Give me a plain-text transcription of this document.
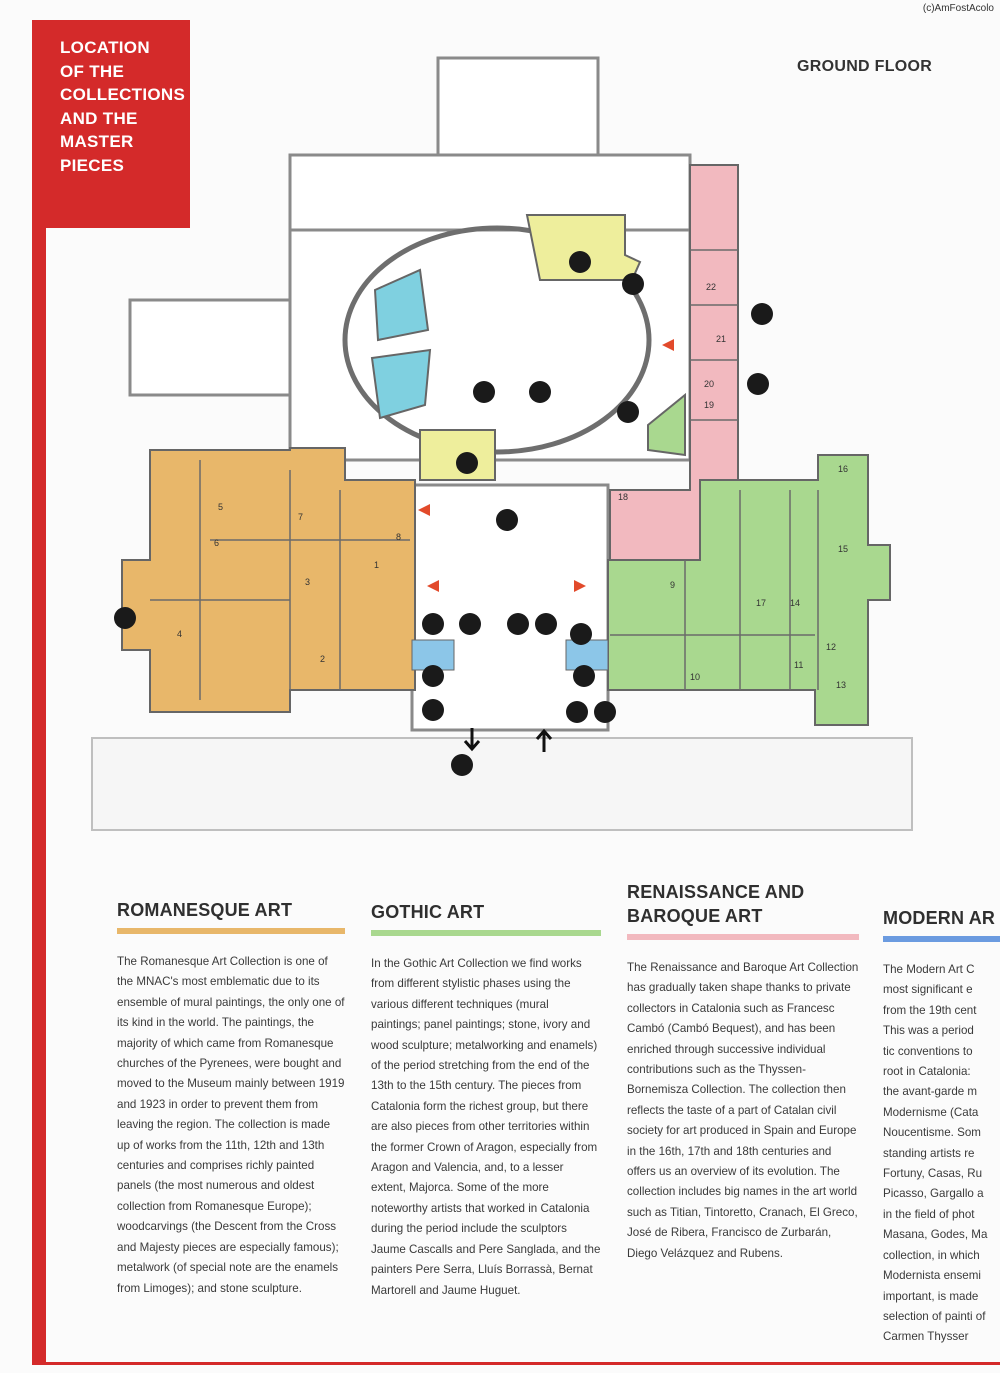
LOCATION
OF THE
COLLECTIONS
AND THE
MASTER
PIECES
(c)AmFostAcolo
GROUND FLOOR
1
2
3
4
5
6
7
8
18
19
20
21
22
9
10
11
12
13
14
15
16
17
ROMANESQUE ART

The Romanesque Art Collection is one of the MNAC's most emblematic due to its ensemble of mural paintings, the only one of its kind in the world. The paintings, the majority of which came from Romanesque churches of the Pyrenees, were bought and moved to the Museum mainly between 1919 and 1923 in order to prevent them from leaving the region. The collection is made up of works from the 11th, 12th and 13th centuries and comprises richly painted panels (the most numerous and oldest collection from Romanesque Europe); woodcarvings (the Descent from the Cross and Majesty pieces are especially famous); metalwork (of special note are the enamels from Limoges); and stone sculpture.

GOTHIC ART

In the Gothic Art Collection we find works from different stylistic phases using the various different techniques (mural paintings; panel paintings; stone, ivory and wood sculpture; metalworking and enamels) of the period stretching from the end of the 13th to the 15th century. The pieces from Catalonia form the richest group, but there are also pieces from other territories within the former Crown of Aragon, especially from Aragon and Valencia, and, to a lesser extent, Majorca. Some of the more noteworthy artists that worked in Catalonia during the period include the sculptors Jaume Cascalls and Pere Sanglada, and the painters Pere Serra, Lluís Borrassà, Bernat Martorell and Jaume Huguet.

RENAISSANCE AND BAROQUE ART

The Renaissance and Baroque Art Collection has gradually taken shape thanks to private collectors in Catalonia such as Francesc Cambó (Cambó Bequest), and has been enriched through successive individual contributions such as the Thyssen-Bornemisza Collection. The collection then reflects the taste of a part of Catalan civil society for art produced in Spain and Europe in the 16th, 17th and 18th centuries and offers us an overview of its evolution. The collection includes big names in the art world such as Titian, Tintoretto, Cranach, El Greco, José de Ribera, Francisco de Zurbarán, Diego Velázquez and Rubens.

MODERN AR

The Modern Art C most significant e from the 19th cent This was a period tic conventions to root in Catalonia: the avant-garde m Modernisme (Cata Noucentisme. Som standing artists re Fortuny, Casas, Ru Picasso, Gargallo a in the field of phot Masana, Godes, Ma collection, in which Modernista ensemi important, is made selection of painti of Carmen Thysser
